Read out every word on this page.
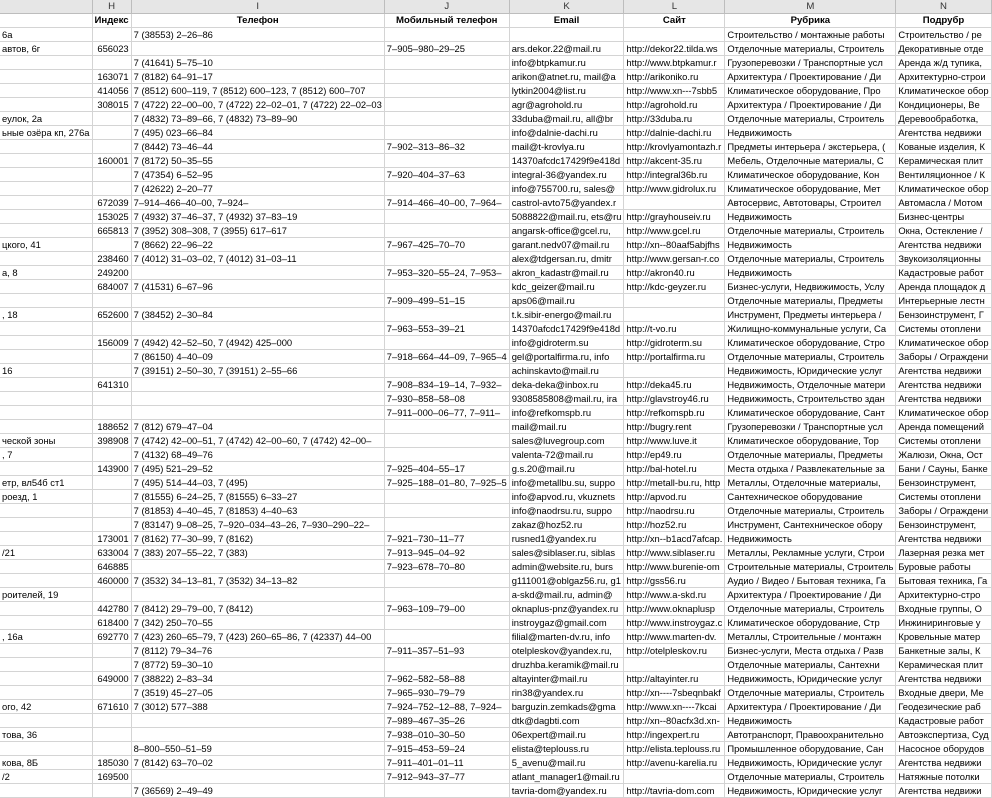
	H	I	J	K	L	M	N
	Индекс	Телефон	Мобильный телефон	Email	Сайт	Рубрика	Подрубр
6а		7 (38553) 2–26–86				Строительство / монтажные работы	Строительство / ре
автов, 6г	656023		7–905–980–29–25	ars.dekor.22@mail.ru	http://dekor22.tilda.ws	Отделочные материалы, Строитель	Декоративные отде
		7 (41641) 5–75–10		info@btpkamur.ru	http://www.btpkamur.r	Грузоперевозки / Транспортные усл	Аренда ж/д тупика,
	163071	7 (8182) 64–91–17		arikon@atnet.ru, mail@a	http://arikoniko.ru	Архитектура / Проектирование / Ди	Архитектурно-строи
	414056	7 (8512) 600–119, 7 (8512) 600–123, 7 (8512) 600–707		lytkin2004@list.ru	http://www.xn---7sbb5	Климатическое оборудование, Про	Климатическое обор
	308015	7 (4722) 22–00–00, 7 (4722) 22–02–01, 7 (4722) 22–02–03		agr@agrohold.ru	http://agrohold.ru	Архитектура / Проектирование / Ди	Кондиционеры, Ве
еулок, 2а		7 (4832) 73–89–66, 7 (4832) 73–89–90		33duba@mail.ru, all@br	http://33duba.ru	Отделочные материалы, Строитель	Деревообработка,
ьные озёра кп, 276а		7 (495) 023–66–84		info@dalnie-dachi.ru	http://dalnie-dachi.ru	Недвижимость	Агентства недвижи
		7 (8442) 73–46–44	7–902–313–86–32	mail@t-krovlya.ru	http://krovlyamontazh.r	Предметы интерьера / экстерьера, (	Кованые изделия, К
	160001	7 (8172) 50–35–55		14370afcdc17429f9e418d	http://akcent-35.ru	Мебель, Отделочные материалы, С	Керамическая плит
		7 (47354) 6–52–95	7–920–404–37–63	integral-36@yandex.ru	http://integral36b.ru	Климатическое оборудование, Кон	Вентиляционное / К
		7 (42622) 2–20–77		info@755700.ru, sales@	http://www.gidrolux.ru	Климатическое оборудование, Мет	Климатическое обор
	672039	7–914–466–40–00, 7–924–	7–914–466–40–00, 7–964–	castrol-avto75@yandex.r		Автосервис, Автотовары, Строител	Автомасла / Мотом
	153025	7 (4932) 37–46–37, 7 (4932) 37–83–19		5088822@mail.ru, ets@ru	http://grayhouseiv.ru	Недвижимость	Бизнес-центры
	665813	7 (3952) 308–308, 7 (3955) 617–617		angarsk-office@gcel.ru,	http://www.gcel.ru	Отделочные материалы, Строитель	Окна, Остекление /
цкого, 41		7 (8662) 22–96–22	7–967–425–70–70	garant.nedv07@mail.ru	http://xn--80aaf5abjfhs	Недвижимость	Агентства недвижи
	238460	7 (4012) 31–03–02, 7 (4012) 31–03–11		alex@tdgersan.ru, dmitr	http://www.gersan-r.co	Отделочные материалы, Строитель	Звукоизоляционны
а, 8	249200		7–953–320–55–24, 7–953–	akron_kadastr@mail.ru	http://akron40.ru	Недвижимость	Кадастровые работ
	684007	7 (41531) 6–67–96		kdc_geizer@mail.ru	http://kdc-geyzer.ru	Бизнес-услуги, Недвижимость, Услу	Аренда площадок д
			7–909–499–51–15	aps06@mail.ru		Отделочные материалы, Предметы	Интерьерные лестн
, 18	652600	7 (38452) 2–30–84		t.k.sibir-energo@mail.ru		Инструмент, Предметы интерьера /	Бензоинструмент, Г
			7–963–553–39–21	14370afcdc17429f9e418d	http://t-vo.ru	Жилищно-коммунальные услуги, Са	Системы отоплени
	156009	7 (4942) 42–52–50, 7 (4942) 425–000		info@gidroterm.su	http://gidroterm.su	Климатическое оборудование, Стро	Климатическое обор
		7 (86150) 4–40–09	7–918–664–44–09, 7–965–4	gel@portalfirma.ru, info	http://portalfirma.ru	Отделочные материалы, Строитель	Заборы / Ограждени
16		7 (39151) 2–50–30, 7 (39151) 2–55–66		achinskavto@mail.ru		Недвижимость, Юридические услуг	Агентства недвижи
	641310		7–908–834–19–14, 7–932–	deka-deka@inbox.ru	http://deka45.ru	Недвижимость, Отделочные матери	Агентства недвижи
			7–930–858–58–08	9308585808@mail.ru, ira	http://glavstroy46.ru	Недвижимость, Строительство здан	Агентства недвижи
			7–911–000–06–77, 7–911–	info@refkomspb.ru	http://refkomspb.ru	Климатическое оборудование, Сант	Климатическое обор
	188652	7 (812) 679–47–04		mail@mail.ru	http://bugry.rent	Грузоперевозки / Транспортные усл	Аренда помещений
ческой зоны	398908	7 (4742) 42–00–51, 7 (4742) 42–00–60, 7 (4742) 42–00–		sales@luvegroup.com	http://www.luve.it	Климатическое оборудование, Тор	Системы отоплени
, 7		7 (4132) 68–49–76		valenta-72@mail.ru	http://ep49.ru	Отделочные материалы, Предметы	Жалюзи, Окна, Ост
	143900	7 (495) 521–29–52	7–925–404–55–17	g.s.20@mail.ru	http://bal-hotel.ru	Места отдыха / Развлекательные за	Бани / Сауны, Банке
етр, вл54б ст1		7 (495) 514–44–03, 7 (495)	7–925–188–01–80, 7–925–5	info@metallbu.su, suppo	http://metall-bu.ru, http	Металлы, Отделочные материалы,	Бензоинструмент,
роезд, 1		7 (81555) 6–24–25, 7 (81555) 6–33–27		info@apvod.ru, vkuznets	http://apvod.ru	Сантехническое оборудование	Системы отоплени
		7 (81853) 4–40–45, 7 (81853) 4–40–63		info@naodrsu.ru, suppo	http://naodrsu.ru	Отделочные материалы, Строитель	Заборы / Ограждени
		7 (83147) 9–08–25, 7–920–034–43–26, 7–930–290–22–		zakaz@hoz52.ru	http://hoz52.ru	Инструмент, Сантехническое обору	Бензоинструмент,
	173001	7 (8162) 77–30–99, 7 (8162)	7–921–730–11–77	rusned1@yandex.ru	http://xn--b1acd7afcap.	Недвижимость	Агентства недвижи
/21	633004	7 (383) 207–55–22, 7 (383)	7–913–945–04–92	sales@siblaser.ru, siblas	http://www.siblaser.ru	Металлы, Рекламные услуги, Строи	Лазерная резка мет
	646885		7–923–678–70–80	admin@website.ru, burs	http://www.burenie-om	Строительные материалы, Строитель	Буровые работы
	460000	7 (3532) 34–13–81, 7 (3532) 34–13–82		g111001@oblgaz56.ru, g1	http://gss56.ru	Аудио / Видео / Бытовая техника, Га	Бытовая техника, Га
роителей, 19				a-skd@mail.ru, admin@	http://www.a-skd.ru	Архитектура / Проектирование / Ди	Архитектурно-стро
	442780	7 (8412) 29–79–00, 7 (8412)	7–963–109–79–00	oknaplus-pnz@yandex.ru	http://www.oknaplusp	Отделочные материалы, Строитель	Входные группы, О
	618400	7 (342) 250–70–55		instroygaz@gmail.com	http://www.instroygaz.c	Климатическое оборудование, Стр	Инжиниринговые у
, 16а	692770	7 (423) 260–65–79, 7 (423) 260–65–86, 7 (42337) 44–00		filial@marten-dv.ru, info	http://www.marten-dv.	Металлы, Строительные / монтажн	Кровельные матер
		7 (8112) 79–34–76	7–911–357–51–93	otelpleskov@yandex.ru,	http://otelpleskov.ru	Бизнес-услуги, Места отдыха / Разв	Банкетные залы, К
		7 (8772) 59–30–10		druzhba.keramik@mail.ru		Отделочные материалы, Сантехни	Керамическая плит
	649000	7 (38822) 2–83–34	7–962–582–58–88	altayinter@mail.ru	http://altayinter.ru	Недвижимость, Юридические услуг	Агентства недвижи
		7 (3519) 45–27–05	7–965–930–79–79	rin38@yandex.ru	http://xn----7sbeqnbakf	Отделочные материалы, Строитель	Входные двери, Ме
ого, 42	671610	7 (3012) 577–388	7–924–752–12–88, 7–924–	barguzin.zemkads@gma	http://www.xn----7kcai	Архитектура / Проектирование / Ди	Геодезические раб
			7–989–467–35–26	dtk@dagbti.com	http://xn--80acfx3d.xn-	Недвижимость	Кадастровые работ
това, 36			7–938–010–30–50	06expert@mail.ru	http://ingexpert.ru	Автотранспорт, Правоохранительно	Автоэкспертиза, Суд
		8–800–550–51–59	7–915–453–59–24	elista@teplouss.ru	http://elista.teplouss.ru	Промышленное оборудование, Сан	Насосное оборудов
кова, 8Б	185030	7 (8142) 63–70–02	7–911–401–01–11	5_avenu@mail.ru	http://avenu-karelia.ru	Недвижимость, Юридические услуг	Агентства недвижи
/2	169500		7–912–943–37–77	atlant_manager1@mail.ru		Отделочные материалы, Строитель	Натяжные потолки
		7 (36569) 2–49–49		tavria-dom@yandex.ru	http://tavria-dom.com	Недвижимость, Юридические услуг	Агентства недвижи
